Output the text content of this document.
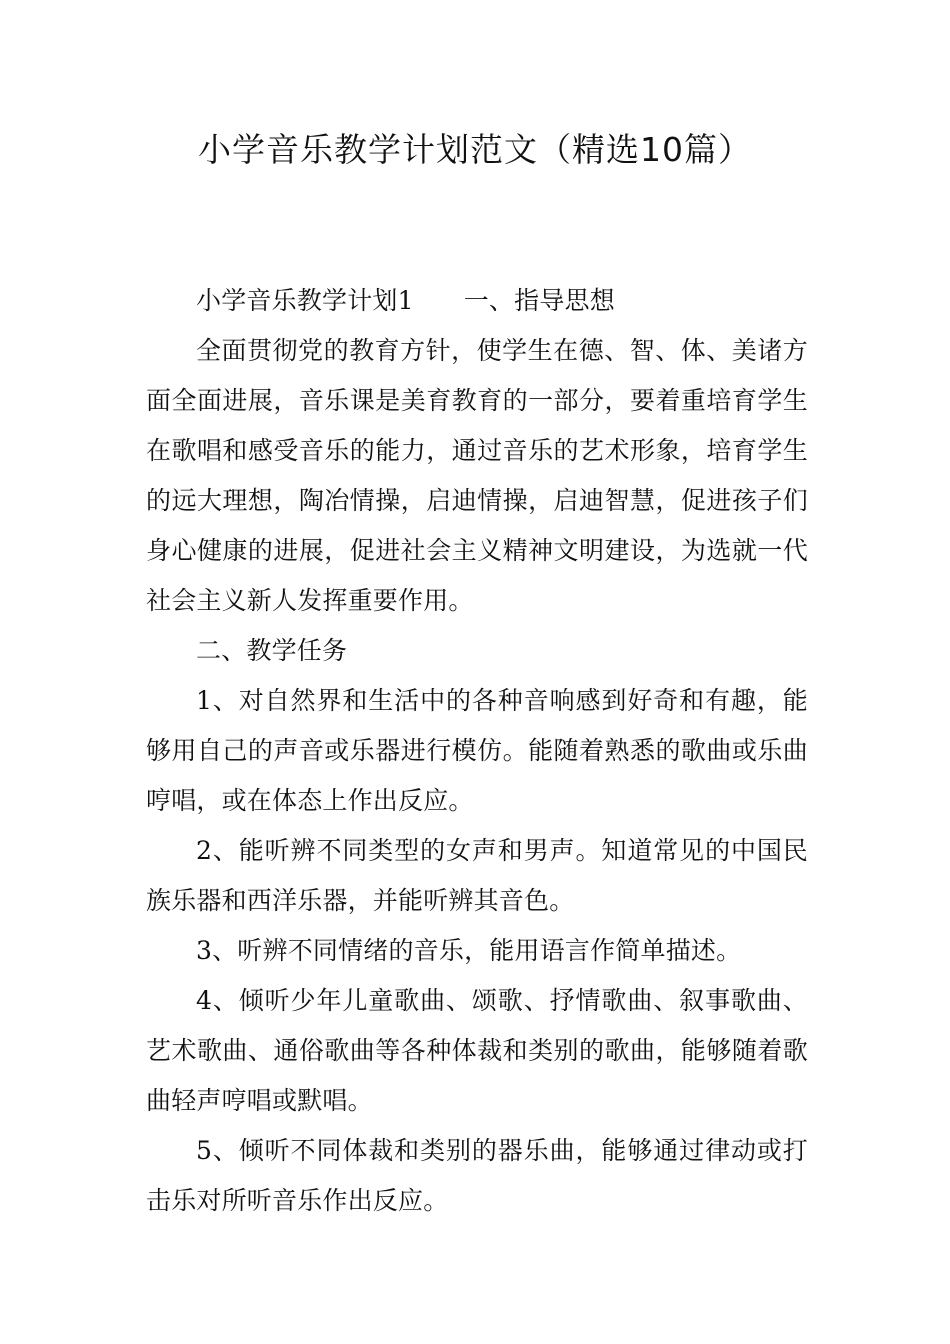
小学音乐教学计划范文（精选10篇）

小学音乐教学计划1 一、指导思想

全面贯彻党的教育方针，使学生在德、智、体、美诸方面全面进展，音乐课是美育教育的一部分，要着重培育学生在歌唱和感受音乐的能力，通过音乐的艺术形象，培育学生的远大理想，陶冶情操，启迪情操，启迪智慧，促进孩子们身心健康的进展，促进社会主义精神文明建设，为选就一代社会主义新人发挥重要作用。

二、教学任务

1、对自然界和生活中的各种音响感到好奇和有趣，能够用自己的声音或乐器进行模仿。能随着熟悉的歌曲或乐曲哼唱，或在体态上作出反应。

2、能听辨不同类型的女声和男声。知道常见的中国民族乐器和西洋乐器，并能听辨其音色。

3、听辨不同情绪的音乐，能用语言作简单描述。

4、倾听少年儿童歌曲、颂歌、抒情歌曲、叙事歌曲、艺术歌曲、通俗歌曲等各种体裁和类别的歌曲，能够随着歌曲轻声哼唱或默唱。

5、倾听不同体裁和类别的器乐曲，能够通过律动或打击乐对所听音乐作出反应。
